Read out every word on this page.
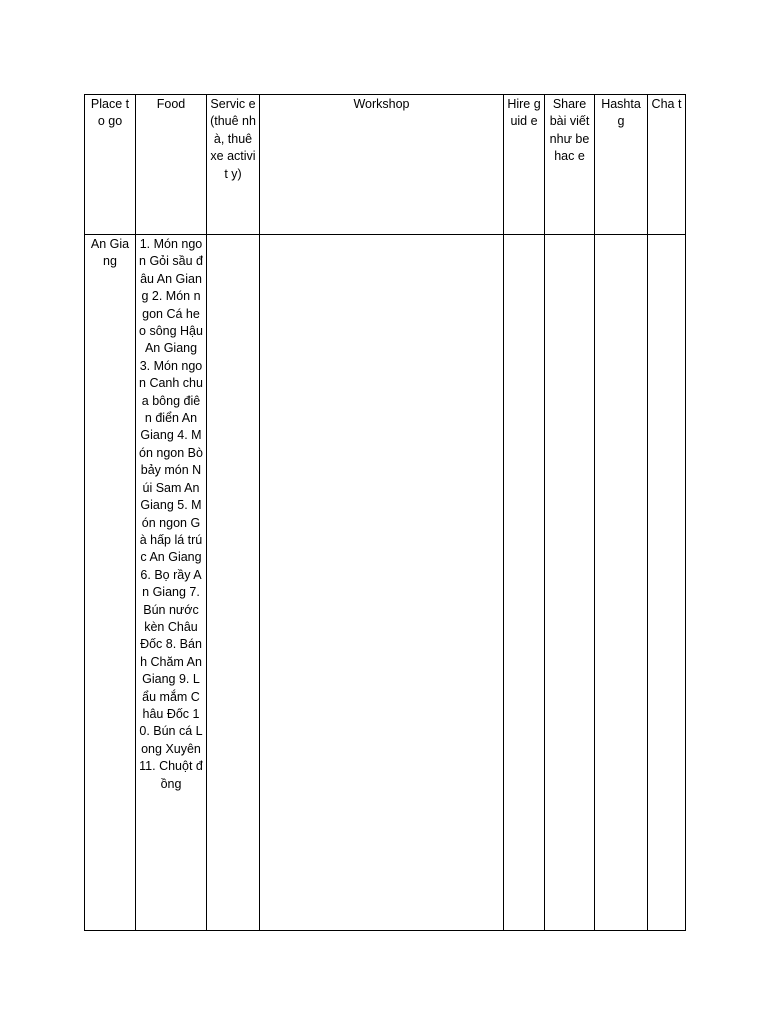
Place to go	Food	Servic e (thuê nhà, thuê xe activit y)	Workshop	Hire guid e	Share bài viết như behac e	Hashta g	Cha t

An Giang	1. Món ngon Gỏi sầu đâu An Giang 2. Món ngon Cá heo sông Hậu An Giang 3. Món ngon Canh chua bông điên điển An Giang 4. Món ngon Bò bảy món Núi Sam An Giang 5. Món ngon Gà hấp lá trúc An Giang 6. Bọ rầy An Giang 7. Bún nước kèn Châu Đốc 8. Bánh Chăm An Giang 9. Lẩu mắm Châu Đốc 10. Bún cá Long Xuyên 11. Chuột đồng						
